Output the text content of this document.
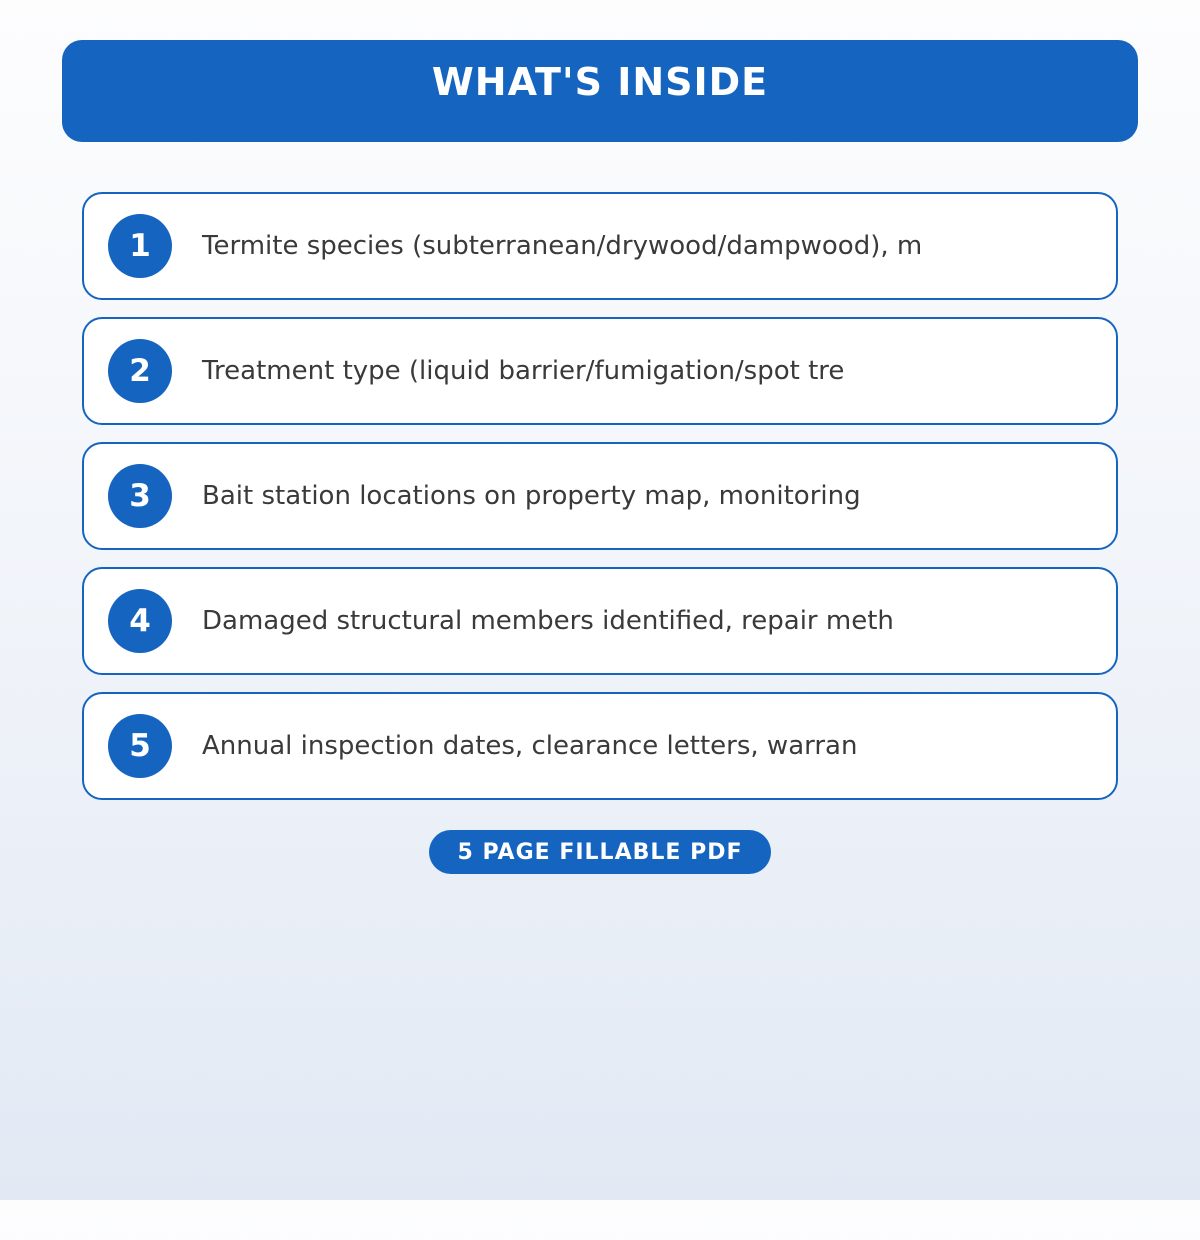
WHAT'S INSIDE
1	Termite species (subterranean/drywood/dampwood), m
2	Treatment type (liquid barrier/fumigation/spot tre
3	Bait station locations on property map, monitoring
4	Damaged structural members identified, repair meth
5	Annual inspection dates, clearance letters, warran
5 PAGE FILLABLE PDF
